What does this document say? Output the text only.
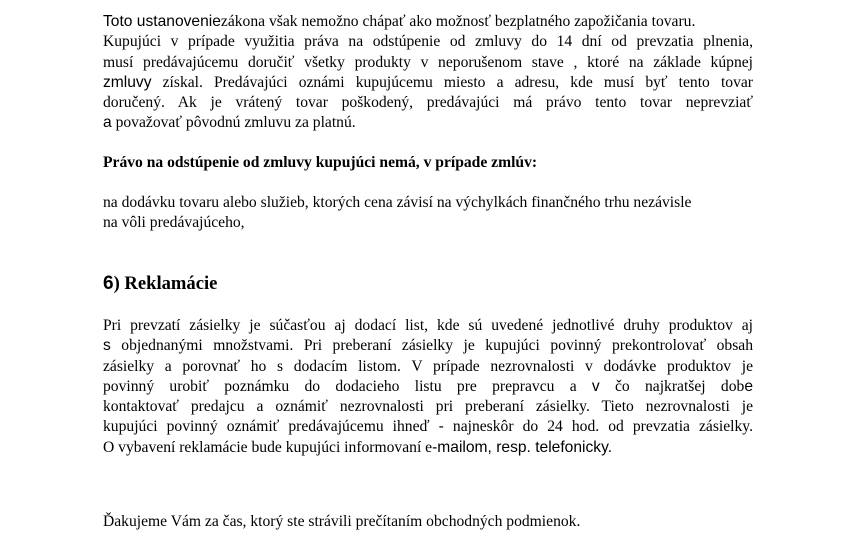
Toto ustanoveniezákona však nemožno chápať ako možnosť bezplatného zapožičania tovaru.
Kupujúci v prípade využitia práva na odstúpenie od zmluvy do 14 dní od prevzatia plnenia,
musí predávajúcemu doručiť všetky produkty v neporušenom stave , ktoré na základe kúpnej
zmluvy získal. Predávajúci oznámi kupujúcemu miesto a adresu, kde musí byť tento tovar
doručený. Ak je vrátený tovar poškodený, predávajúci má právo tento tovar neprevziať
a považovať pôvodnú zmluvu za platnú.
Právo na odstúpenie od zmluvy kupujúci nemá, v prípade zmlúv:
na dodávku tovaru alebo služieb, ktorých cena závisí na výchylkách finančného trhu nezávisle
na vôli predávajúceho,
6) Reklamácie
Pri prevzatí zásielky je súčasťou aj dodací list, kde sú uvedené jednotlivé druhy produktov aj
s objednanými množstvami. Pri preberaní zásielky je kupujúci povinný prekontrolovať obsah
zásielky a porovnať ho s dodacím listom. V prípade nezrovnalosti v dodávke produktov je
povinný urobiť poznámku do dodacieho listu pre prepravcu a v čo najkratšej dobe
kontaktovať predajcu a oznámiť nezrovnalosti pri preberaní zásielky. Tieto nezrovnalosti je
kupujúci povinný oznámiť predávajúcemu ihneď - najneskôr do 24 hod. od prevzatia zásielky.
O vybavení reklamácie bude kupujúci informovaní e-mailom, resp. telefonicky.
Ďakujeme Vám za čas, ktorý ste strávili prečítaním obchodných podmienok.
